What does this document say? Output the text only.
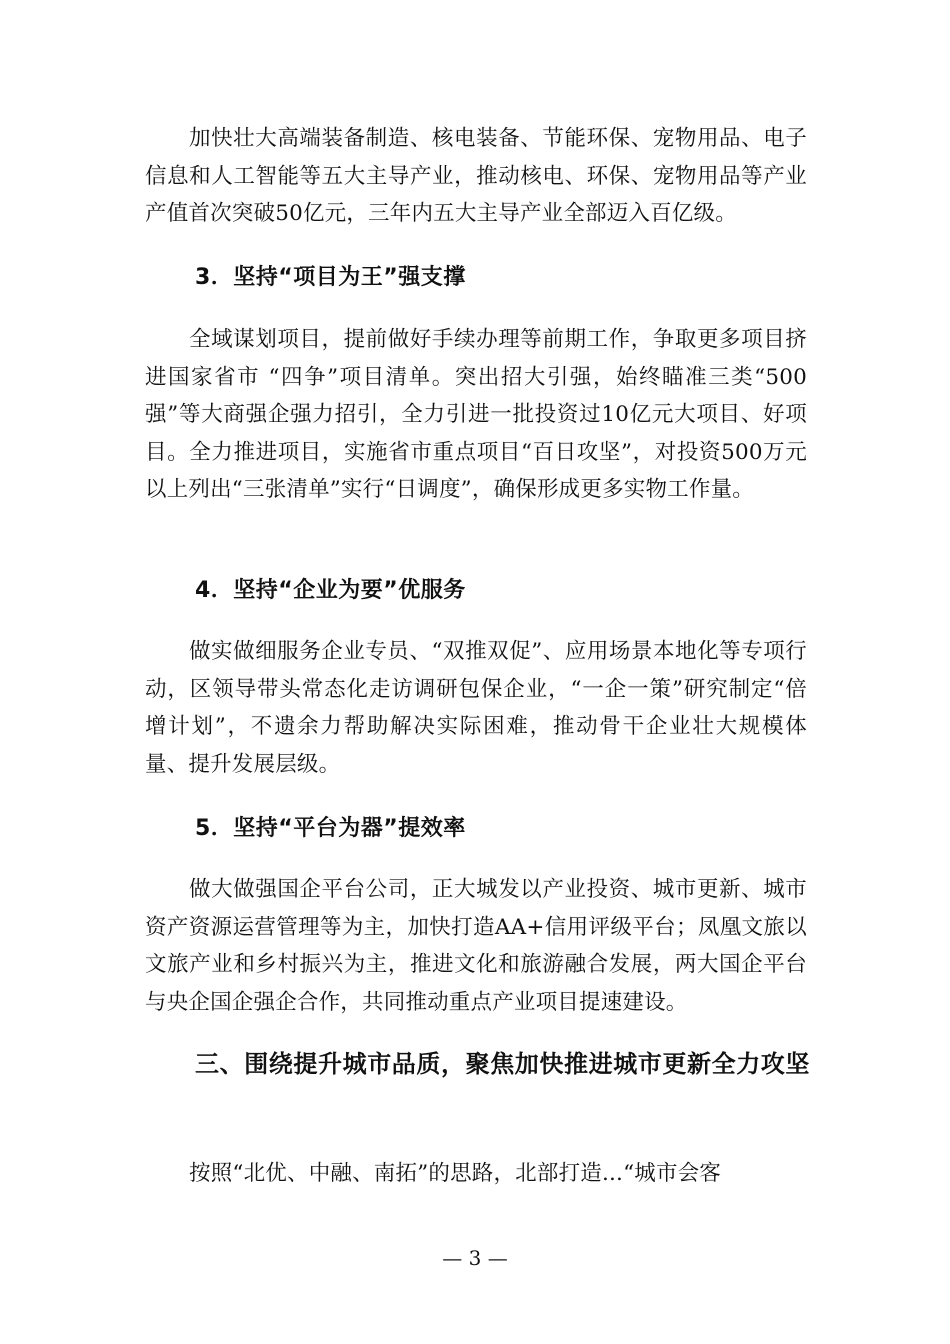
加快壮大高端装备制造、核电装备、节能环保、宠物用品、电子信息和人工智能等五大主导产业，推动核电、环保、宠物用品等产业产值首次突破50亿元，三年内五大主导产业全部迈入百亿级。

3．坚持“项目为王”强支撑

全域谋划项目，提前做好手续办理等前期工作，争取更多项目挤进国家省市 “四争”项目清单。突出招大引强，始终瞄准三类“500强”等大商强企强力招引，全力引进一批投资过10亿元大项目、好项目。全力推进项目，实施省市重点项目“百日攻坚”，对投资500万元以上列出“三张清单”实行“日调度”，确保形成更多实物工作量。

4．坚持“企业为要”优服务

做实做细服务企业专员、“双推双促”、应用场景本地化等专项行动，区领导带头常态化走访调研包保企业，“一企一策”研究制定“倍增计划”，不遗余力帮助解决实际困难，推动骨干企业壮大规模体量、提升发展层级。

5．坚持“平台为器”提效率

做大做强国企平台公司，正大城发以产业投资、城市更新、城市资产资源运营管理等为主，加快打造AA+信用评级平台；凤凰文旅以文旅产业和乡村振兴为主，推进文化和旅游融合发展，两大国企平台与央企国企强企合作，共同推动重点产业项目提速建设。

三、围绕提升城市品质，聚焦加快推进城市更新全力攻坚

按照“北优、中融、南拓”的思路，北部打造...“城市会客

— 3 —
